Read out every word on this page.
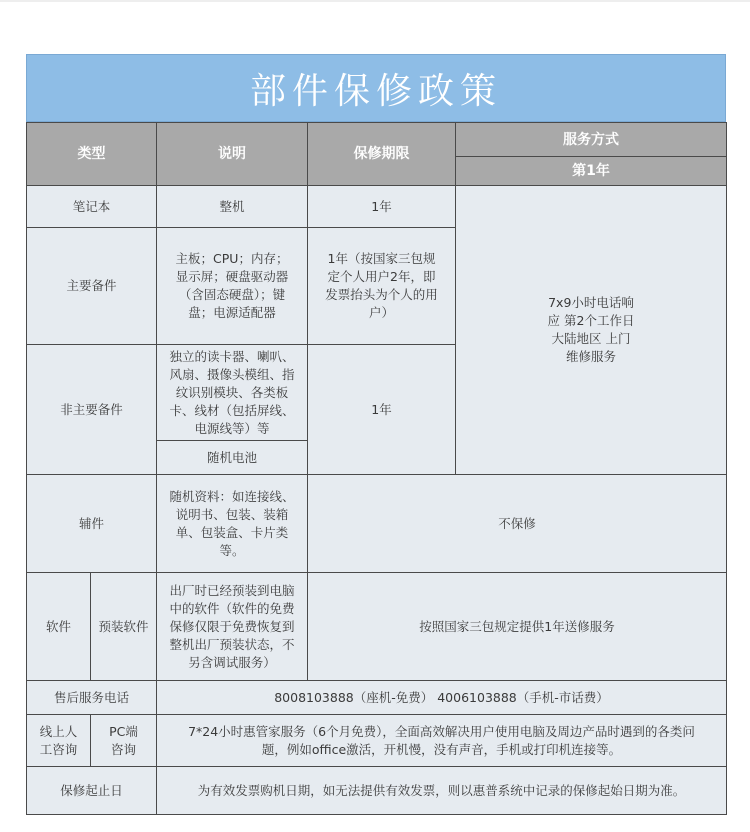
部件保修政策
类型		说明	保修期限	服务方式
				第1年
笔记本		整机	1年	7x9小时电话响应 第2个工作日 大陆地区 上门维修服务
主要备件		主板；CPU；内存；显示屏；硬盘驱动器（含固态硬盘）；键盘；电源适配器	1年（按国家三包规定个人用户2年，即发票抬头为个人的用户）	
非主要备件		独立的读卡器、喇叭、风扇、摄像头模组、指纹识别模块、各类板卡、线材（包括屏线、电源线等）等	1年	
		随机电池		
辅件		随机资料：如连接线、说明书、包装、装箱单、包装盒、卡片类等。	不保修	
软件	预装软件	出厂时已经预装到电脑中的软件（软件的免费保修仅限于免费恢复到整机出厂预装状态，不另含调试服务）	按照国家三包规定提供1年送修服务	
售后服务电话		8008103888（座机-免费） 4006103888（手机-市话费）		
线上人工咨询	PC端咨询	7*24小时惠管家服务（6个月免费），全面高效解决用户使用电脑及周边产品时遇到的各类问题，例如office激活，开机慢，没有声音，手机或打印机连接等。		
保修起止日		为有效发票购机日期，如无法提供有效发票，则以惠普系统中记录的保修起始日期为准。		
